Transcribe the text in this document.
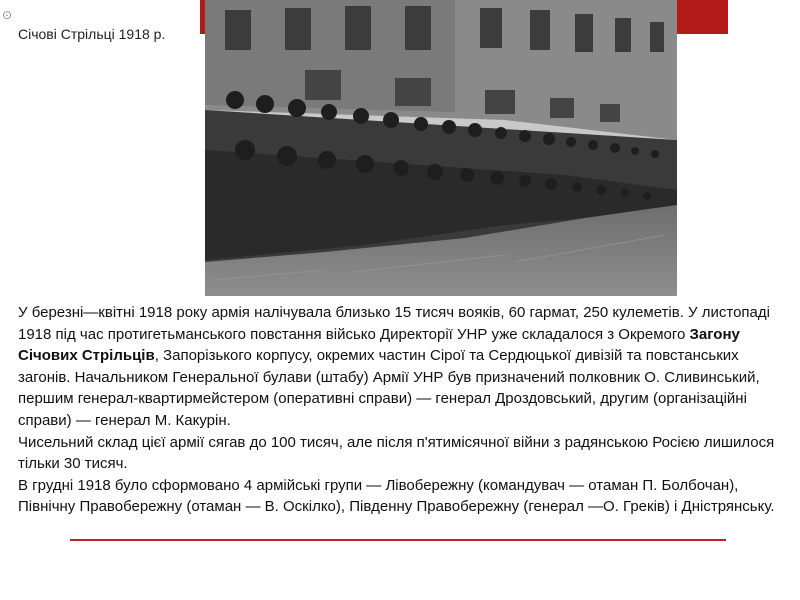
⊙
Січові Стрільці 1918 р.

У березні—квітні 1918 року армія налічувала близько 15 тисяч вояків, 60 гармат, 250 кулеметів. У листопаді 1918 під час протигетьманського повстання військо Директорії УНР уже складалося з Окремого Загону Січових Стрільців, Запорізького корпусу, окремих частин Сірої та Сердюцької дивізій та повстанських загонів. Начальником Генеральної булави (штабу) Армії УНР був призначений полковник О. Сливинський, першим генерал-квартирмейстером (оперативні справи) — генерал Дроздовський, другим (організаційні справи) — генерал М. Какурін.

Чисельний склад цієї армії сягав до 100 тисяч, але після п'ятимісячної війни з радянською Росією лишилося тільки 30 тисяч.

В грудні 1918 було сформовано 4 армійські групи — Лівобережну (командувач — отаман П. Болбочан), Північну Правобережну (отаман — В. Оскілко), Південну Правобережну (генерал —О. Греків) і Дністрянську.
